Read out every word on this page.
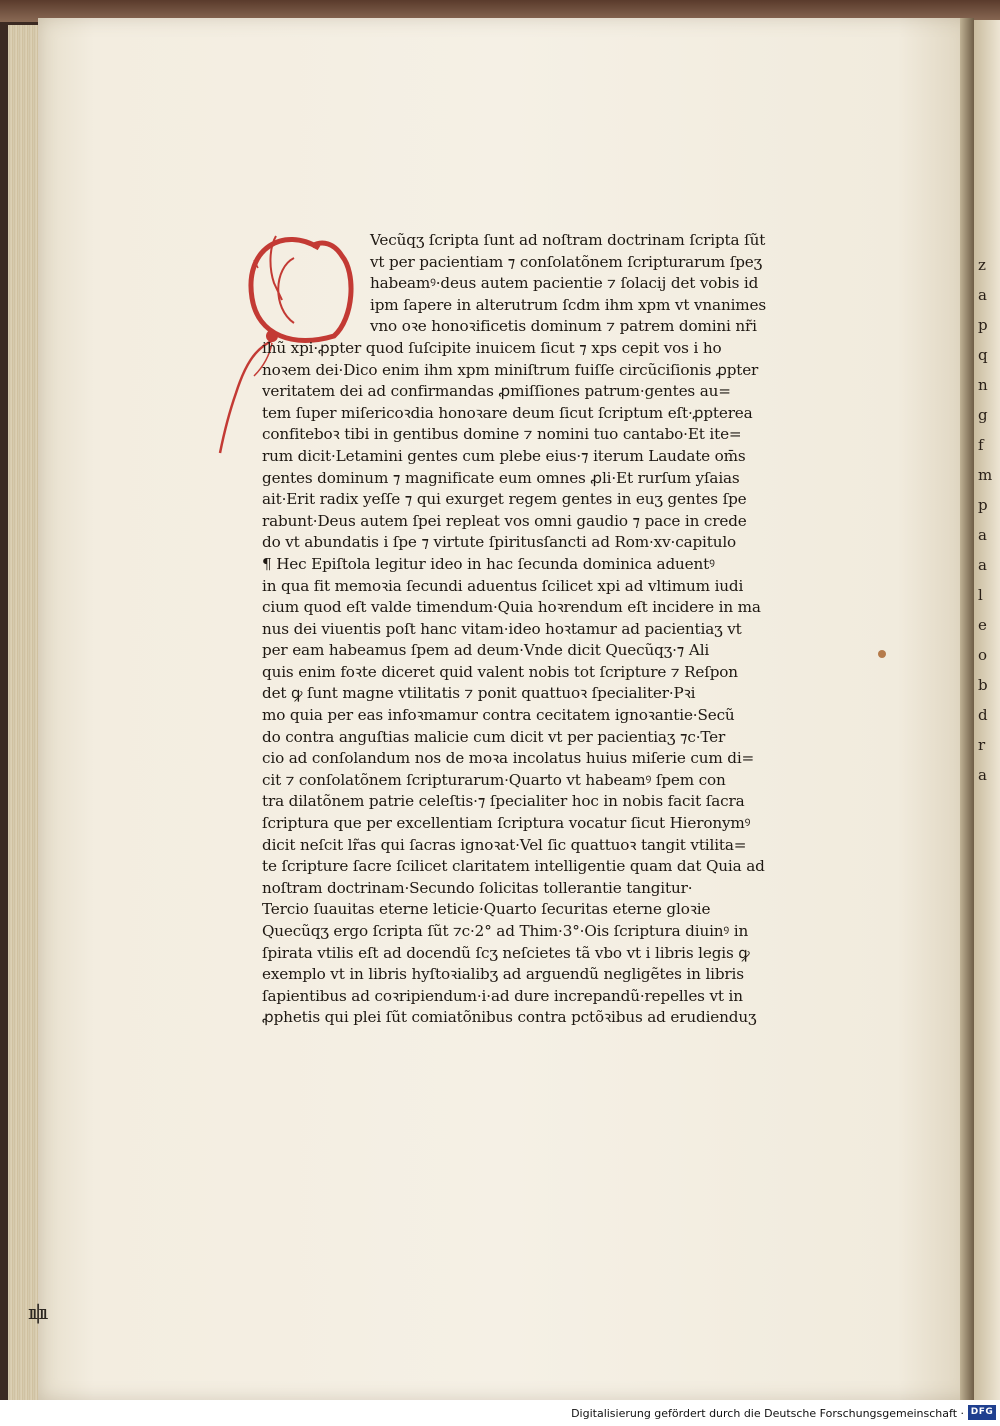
z
a
p
q
n
g
f
m
p
a
a
l
e
o
b
d
r
a
Q
Vecũqʒ ſcripta ſunt ad noſtram doctrinam ſcripta ſũt
vt per pacientiam ⁊ conſolatõnem ſcripturarum ſpeʒ
habeamꝰ·deus autem pacientie ⁊ ſolacij det vobis id
ipm ſapere in alterutrum ſcdm ihm xpm vt vnanimes
vno oꝛe honoꝛificetis dominum ⁊ patrem domini nr̃i
ihũ xpi·ꝓpter quod ſuſcipite inuicem ſicut ⁊ xps cepit vos i ho
noꝛem dei·Dico enim ihm xpm miniſtrum fuiſſe circũciſionis ꝓpter
veritatem dei ad confirmandas ꝓmiſſiones patrum·gentes au=
tem ſuper miſericoꝛdia honoꝛare deum ſicut ſcriptum eſt·ꝓpterea
confiteboꝛ tibi in gentibus domine ⁊ nomini tuo cantabo·Et ite=
rum dicit·Letamini gentes cum plebe eius·⁊ iterum Laudate om̄s
gentes dominum ⁊ magnificate eum omnes ꝓli·Et rurſum yſaias
ait·Erit radix yeſſe ⁊ qui exurget regem gentes in euʒ gentes ſpe
rabunt·Deus autem ſpei repleat vos omni gaudio ⁊ pace in crede
do vt abundatis i ſpe ⁊ virtute ſpiritusſancti ad Rom·xv·capitulo
¶ Hec Epiſtola legitur ideo in hac ſecunda dominica aduentꝰ
in qua fit memoꝛia ſecundi aduentus ſcilicet xpi ad vltimum iudi
cium quod eſt valde timendum·Quia hoꝛrendum eſt incidere in ma
nus dei viuentis poſt hanc vitam·ideo hoꝛtamur ad pacientiaʒ vt
per eam habeamus ſpem ad deum·Vnde dicit Quecũqʒ·⁊ Ali
quis enim foꝛte diceret quid valent nobis tot ſcripture ⁊ Reſpon
det ꝙ ſunt magne vtilitatis ⁊ ponit quattuoꝛ ſpecialiter·Pꝛi
mo quia per eas infoꝛmamur contra cecitatem ignoꝛantie·Secũ
do contra anguſtias malicie cum dicit vt per pacientiaʒ ⁊c·Ter
cio ad conſolandum nos de moꝛa incolatus huius miſerie cum di=
cit ⁊ conſolatõnem ſcripturarum·Quarto vt habeamꝰ ſpem con
tra dilatõnem patrie celeſtis·⁊ ſpecialiter hoc in nobis facit ſacra
ſcriptura que per excellentiam ſcriptura vocatur ſicut Hieronymꝰ
dicit neſcit lr̃as qui ſacras ignoꝛat·Vel ſic quattuoꝛ tangit vtilita=
te ſcripture ſacre ſcilicet claritatem intelligentie quam dat Quia ad
noſtram doctrinam·Secundo ſolicitas tollerantie tangitur·
Tercio ſuauitas eterne leticie·Quarto ſecuritas eterne gloꝛie
Quecũqʒ ergo ſcripta ſũt ⁊c·2° ad Thim·3°·Ois ſcriptura diuinꝰ in
ſpirata vtilis eſt ad docendũ ſcʒ neſcietes tã vbo vt i libris legis ꝙ
exemplo vt in libris hyſtoꝛialibʒ ad arguendũ negligẽtes in libris
ſapientibus ad coꝛripiendum·i·ad dure increpandũ·repelles vt in
ꝓphetis qui plei ſũt comiatõnibus contra pctõꝛibus ad erudienduʒ
ıı|ıı
Digitalisierung gefördert durch die Deutsche Forschungsgemeinschaft · DFG
